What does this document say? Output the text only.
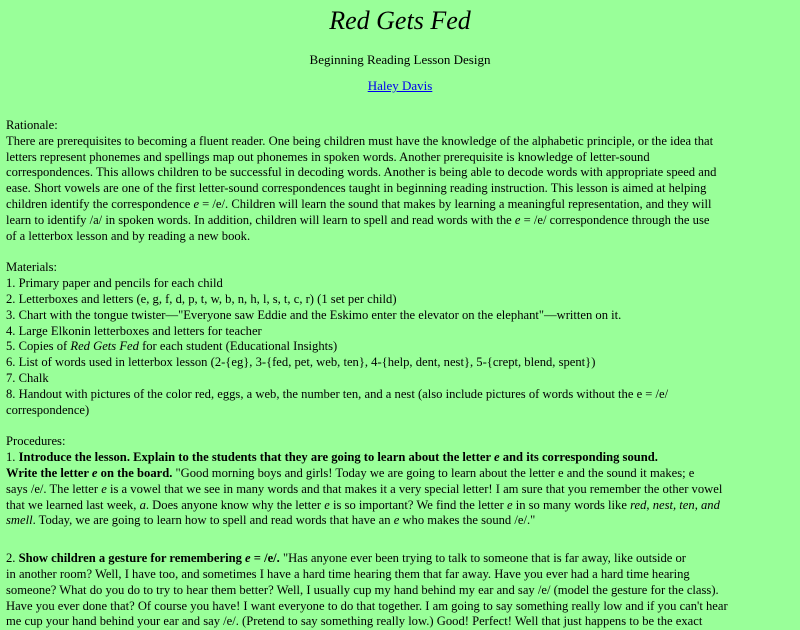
Red Gets Fed
Beginning Reading Lesson Design
Haley Davis
Rationale:
There are prerequisites to becoming a fluent reader. One being children must have the knowledge of the alphabetic principle, or the idea that
letters represent phonemes and spellings map out phonemes in spoken words. Another prerequisite is knowledge of letter-sound
correspondences. This allows children to be successful in decoding words. Another is being able to decode words with appropriate speed and
ease. Short vowels are one of the first letter-sound correspondences taught in beginning reading instruction. This lesson is aimed at helping
children identify the correspondence e = /e/. Children will learn the sound that makes by learning a meaningful representation, and they will
learn to identify /a/ in spoken words. In addition, children will learn to spell and read words with the e = /e/ correspondence through the use
of a letterbox lesson and by reading a new book.
Materials:
1. Primary paper and pencils for each child
2. Letterboxes and letters (e, g, f, d, p, t, w, b, n, h, l, s, t, c, r) (1 set per child)
3. Chart with the tongue twister—"Everyone saw Eddie and the Eskimo enter the elevator on the elephant"—written on it.
4. Large Elkonin letterboxes and letters for teacher
5. Copies of Red Gets Fed for each student (Educational Insights)
6. List of words used in letterbox lesson (2-{eg}, 3-{fed, pet, web, ten}, 4-{help, dent, nest}, 5-{crept, blend, spent})
7. Chalk
8. Handout with pictures of the color red, eggs, a web, the number ten, and a nest (also include pictures of words without the e = /e/
correspondence)
Procedures:
1. Introduce the lesson. Explain to the students that they are going to learn about the letter e and its corresponding sound.
Write the letter e on the board. "Good morning boys and girls! Today we are going to learn about the letter e and the sound it makes; e
says /e/. The letter e is a vowel that we see in many words and that makes it a very special letter! I am sure that you remember the other vowel
that we learned last week, a. Does anyone know why the letter e is so important? We find the letter e in so many words like red, nest, ten, and
smell. Today, we are going to learn how to spell and read words that have an e who makes the sound /e/."
2. Show children a gesture for remembering e = /e/. "Has anyone ever been trying to talk to someone that is far away, like outside or
in another room? Well, I have too, and sometimes I have a hard time hearing them that far away. Have you ever had a hard time hearing
someone? What do you do to try to hear them better? Well, I usually cup my hand behind my ear and say /e/ (model the gesture for the class).
Have you ever done that? Of course you have! I want everyone to do that together. I am going to say something really low and if you can't hear
me cup your hand behind your ear and say /e/. (Pretend to say something really low.) Good! Perfect! Well that just happens to be the exact
